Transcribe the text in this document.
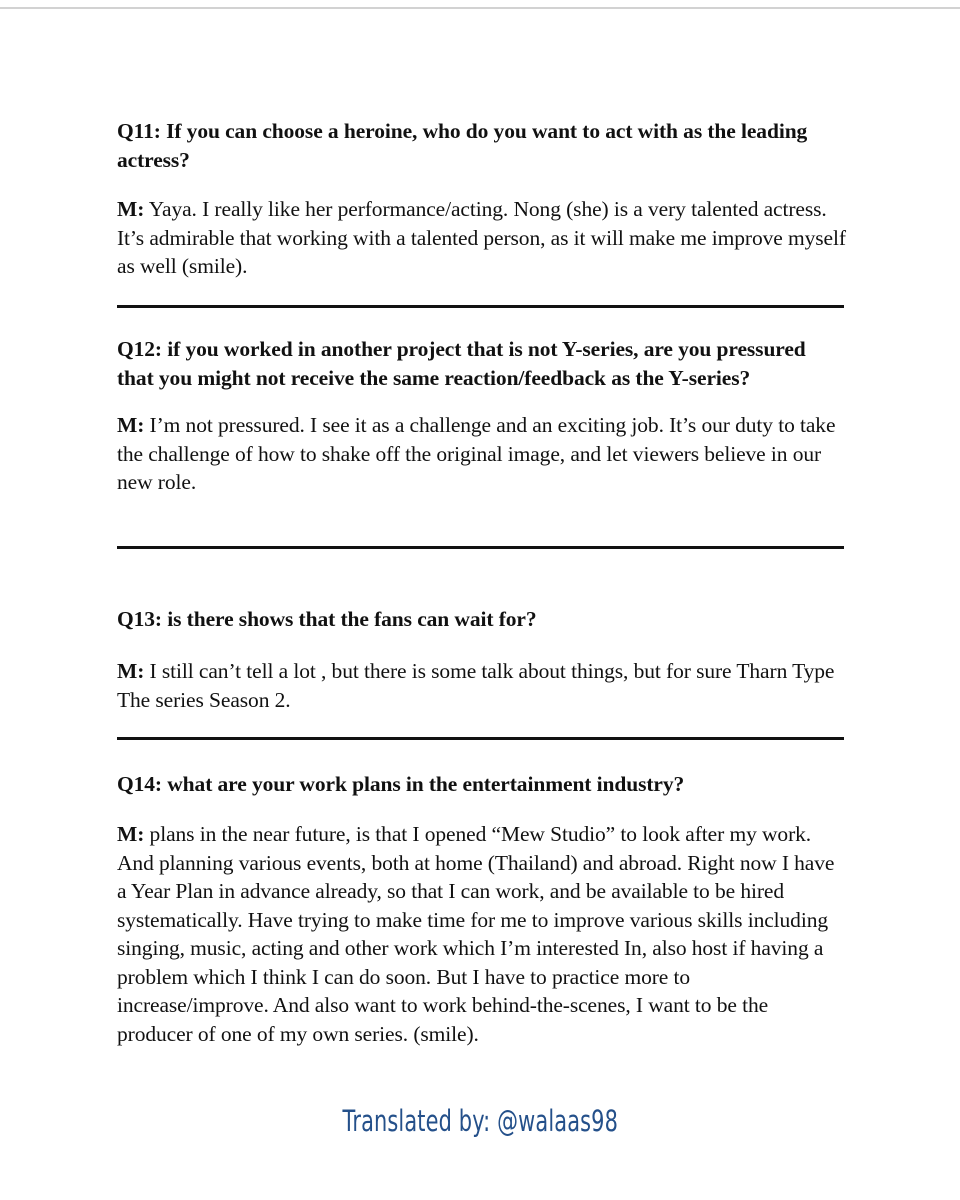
Q11: If you can choose a heroine, who do you want to act with as the leading actress?

M: Yaya. I really like her performance/acting. Nong (she) is a very talented actress. It’s admirable that working with a talented person, as it will make me improve myself as well (smile).

Q12: if you worked in another project that is not Y-series, are you pressured that you might not receive the same reaction/feedback as the Y-series?

M: I’m not pressured. I see it as a challenge and an exciting job. It’s our duty to take the challenge of how to shake off the original image, and let viewers believe in our new role.

Q13: is there shows that the fans can wait for?

M: I still can’t tell a lot , but there is some talk about things, but for sure Tharn Type The series Season 2.

Q14: what are your work plans in the entertainment industry?

M: plans in the near future, is that I opened “Mew Studio” to look after my work. And planning various events, both at home (Thailand) and abroad. Right now I have a Year Plan in advance already, so that I can work, and be available to be hired systematically. Have trying to make time for me to improve various skills including singing, music, acting and other work which I’m interested In, also host if having a problem which I think I can do soon. But I have to practice more to increase/improve. And also want to work behind-the-scenes, I want to be the producer of one of my own series. (smile).

Translated by: @walaas98
